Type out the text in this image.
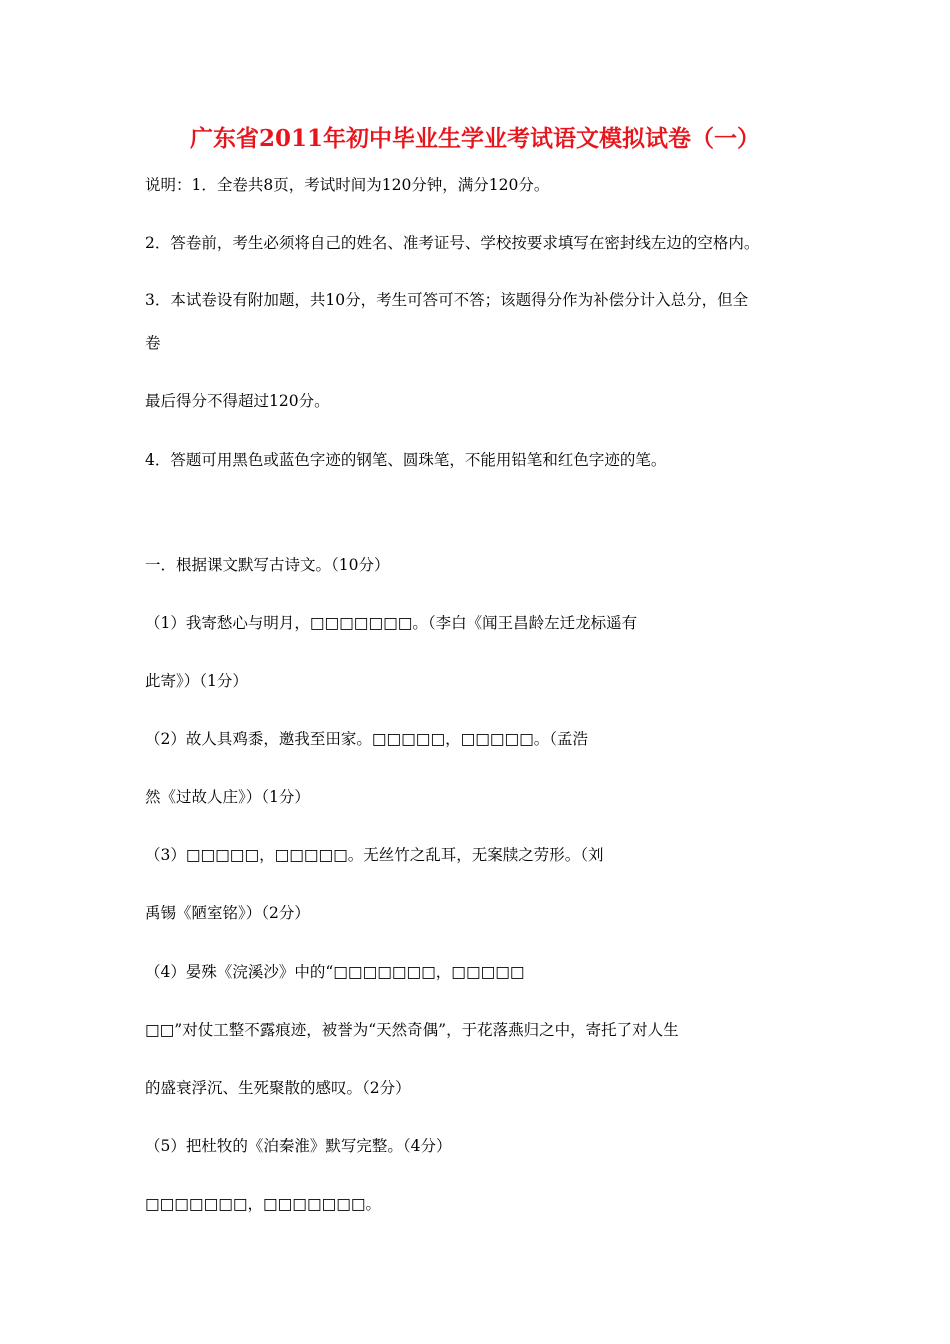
广东省2011年初中毕业生学业考试语文模拟试卷（一）
说明：1．全卷共8页，考试时间为120分钟，满分120分。
2．答卷前，考生必须将自己的姓名、准考证号、学校按要求填写在密封线左边的空格内。
3．本试卷设有附加题，共10分，考生可答可不答；该题得分作为补偿分计入总分，但全
卷
最后得分不得超过120分。
4．答题可用黑色或蓝色字迹的钢笔、圆珠笔，不能用铅笔和红色字迹的笔。
一．根据课文默写古诗文。（10分）
（1）我寄愁心与明月，□□□□□□□。（李白《闻王昌龄左迁龙标遥有
此寄》）（1分）
（2）故人具鸡黍，邀我至田家。□□□□□，□□□□□。（孟浩
然《过故人庄》）（1分）
（3）□□□□□，□□□□□。无丝竹之乱耳，无案牍之劳形。（刘
禹锡《陋室铭》）（2分）
（4）晏殊《浣溪沙》中的“□□□□□□□，□□□□□
□□”对仗工整不露痕迹，被誉为“天然奇偶”，于花落燕归之中，寄托了对人生
的盛衰浮沉、生死聚散的感叹。（2分）
（5）把杜牧的《泊秦淮》默写完整。（4分）
□□□□□□□，□□□□□□□。
